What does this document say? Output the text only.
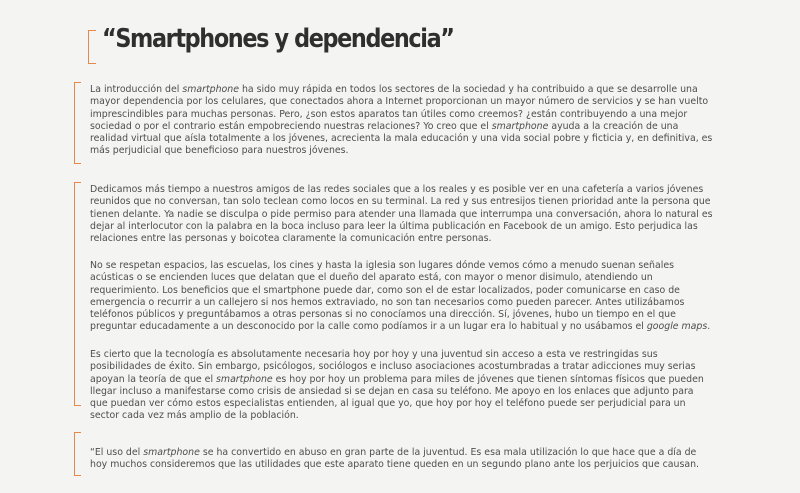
“Smartphones y dependencia”

La introducción del smartphone ha sido muy rápida en todos los sectores de la sociedad y ha contribuido a que se desarrolle una mayor dependencia por los celulares, que conectados ahora a Internet proporcionan un mayor número de servicios y se han vuelto imprescindibles para muchas personas. Pero, ¿son estos aparatos tan útiles como creemos? ¿están contribuyendo a una mejor sociedad o por el contrario están empobreciendo nuestras relaciones? Yo creo que el smartphone ayuda a la creación de una realidad virtual que aísla totalmente a los jóvenes, acrecienta la mala educación y una vida social pobre y ficticia y, en definitiva, es más perjudicial que beneficioso para nuestros jóvenes.

Dedicamos más tiempo a nuestros amigos de las redes sociales que a los reales y es posible ver en una cafetería a varios jóvenes reunidos que no conversan, tan solo teclean como locos en su terminal. La red y sus entresijos tienen prioridad ante la persona que tienen delante. Ya nadie se disculpa o pide permiso para atender una llamada que interrumpa una conversación, ahora lo natural es dejar al interlocutor con la palabra en la boca incluso para leer la última publicación en Facebook de un amigo. Esto perjudica las relaciones entre las personas y boicotea claramente la comunicación entre personas.

No se respetan espacios, las escuelas, los cines y hasta la iglesia son lugares dónde vemos cómo a menudo suenan señales acústicas o se encienden luces que delatan que el dueño del aparato está, con mayor o menor disimulo, atendiendo un requerimiento. Los beneficios que el smartphone puede dar, como son el de estar localizados, poder comunicarse en caso de emergencia o recurrir a un callejero si nos hemos extraviado, no son tan necesarios como pueden parecer. Antes utilizábamos teléfonos públicos y preguntábamos a otras personas si no conocíamos una dirección. Sí, jóvenes, hubo un tiempo en el que preguntar educadamente a un desconocido por la calle como podíamos ir a un lugar era lo habitual y no usábamos el google maps.

Es cierto que la tecnología es absolutamente necesaria hoy por hoy y una juventud sin acceso a esta ve restringidas sus posibilidades de éxito. Sin embargo, psicólogos, sociólogos e incluso asociaciones acostumbradas a tratar adicciones muy serias apoyan la teoría de que el smartphone es hoy por hoy un problema para miles de jóvenes que tienen síntomas físicos que pueden llegar incluso a manifestarse como crisis de ansiedad si se dejan en casa su teléfono. Me apoyo en los enlaces que adjunto para que puedan ver cómo estos especialistas entienden, al igual que yo, que hoy por hoy el teléfono puede ser perjudicial para un sector cada vez más amplio de la población.

“El uso del smartphone se ha convertido en abuso en gran parte de la juventud. Es esa mala utilización lo que hace que a día de hoy muchos consideremos que las utilidades que este aparato tiene queden en un segundo plano ante los perjuicios que causan.
